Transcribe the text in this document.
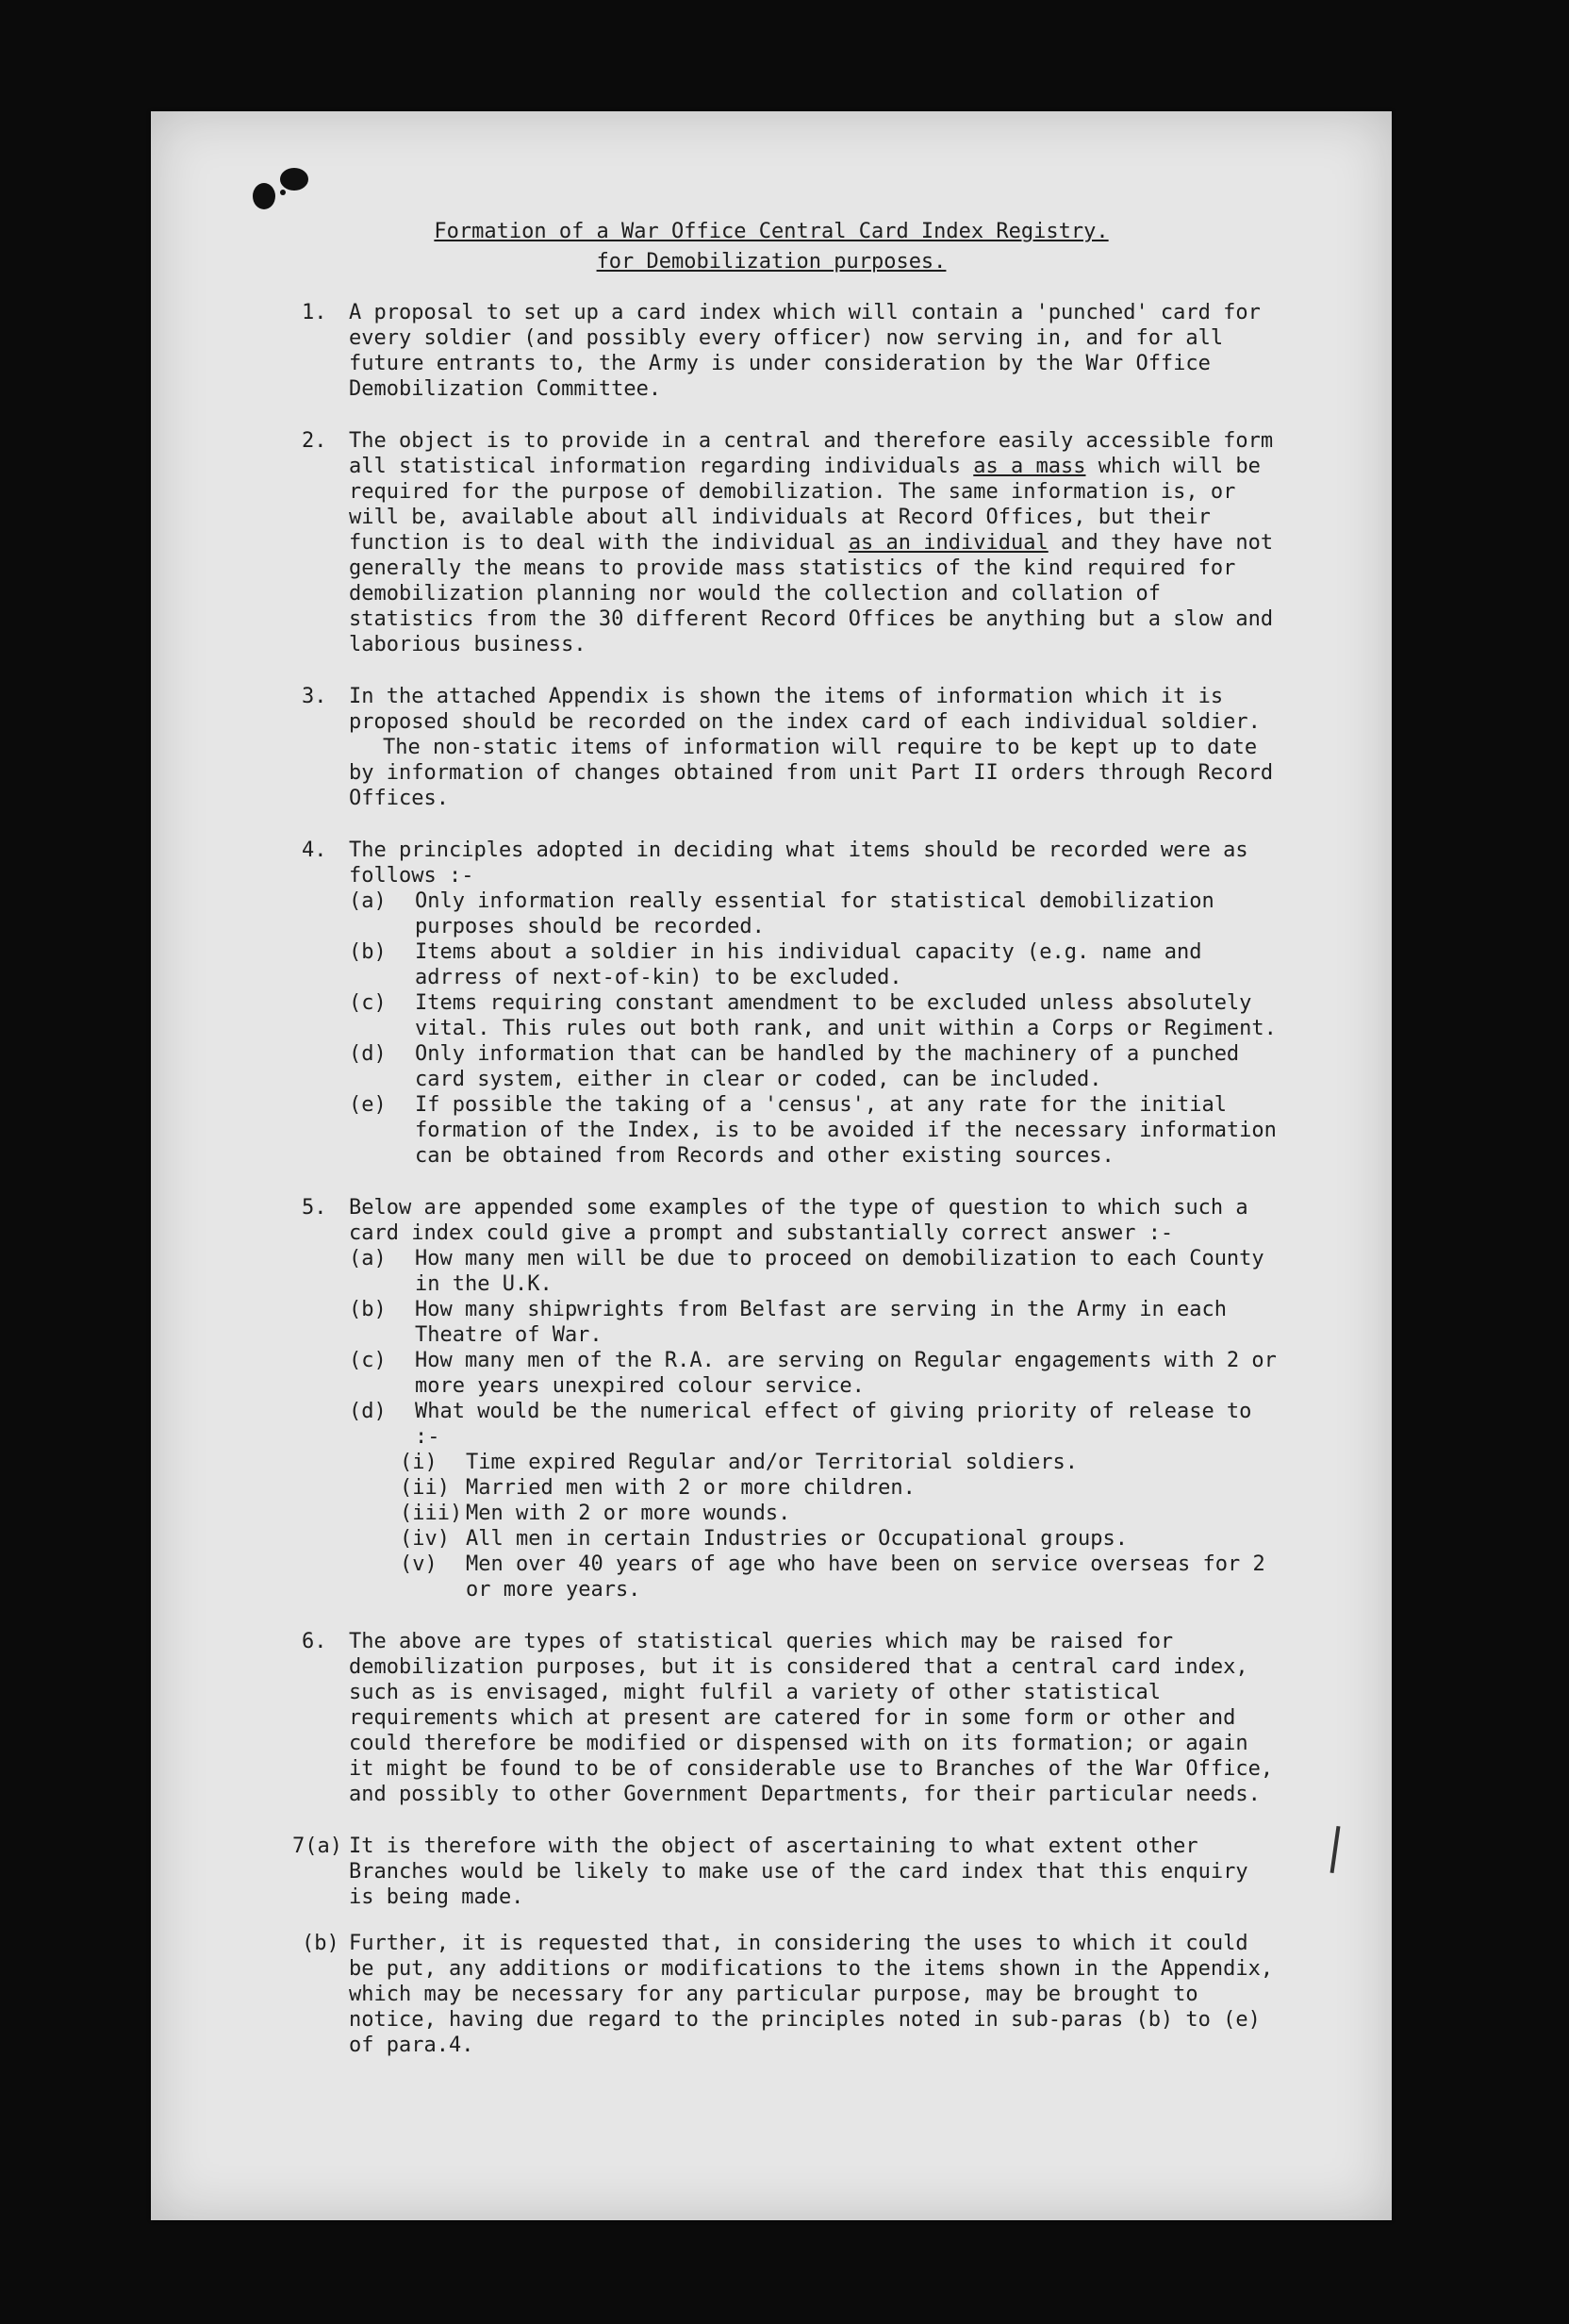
Formation of a War Office Central Card Index Registry.
for Demobilization purposes.
1. A proposal to set up a card index which will contain a 'punched' card for every soldier (and possibly every officer) now serving in, and for all future entrants to, the Army is under consideration by the War Office Demobilization Committee.

2. The object is to provide in a central and therefore easily accessible form all statistical information regarding individuals as a mass which will be required for the purpose of demobilization. The same information is, or will be, available about all individuals at Record Offices, but their function is to deal with the individual as an individual and they have not generally the means to provide mass statistics of the kind required for demobilization planning nor would the collection and collation of statistics from the 30 different Record Offices be anything but a slow and laborious business.

3. In the attached Appendix is shown the items of information which it is proposed should be recorded on the index card of each individual soldier.

The non-static items of information will require to be kept up to date by information of changes obtained from unit Part II orders through Record Offices.

4. The principles adopted in deciding what items should be recorded were as follows :-

(a) Only information really essential for statistical demobilization purposes should be recorded.
(b) Items about a soldier in his individual capacity (e.g. name and adrress of next-of-kin) to be excluded.
(c) Items requiring constant amendment to be excluded unless absolutely vital. This rules out both rank, and unit within a Corps or Regiment.
(d) Only information that can be handled by the machinery of a punched card system, either in clear or coded, can be included.
(e) If possible the taking of a 'census', at any rate for the initial formation of the Index, is to be avoided if the necessary information can be obtained from Records and other existing sources.
5. Below are appended some examples of the type of question to which such a card index could give a prompt and substantially correct answer :-

(a) How many men will be due to proceed on demobilization to each County in the U.K.
(b) How many shipwrights from Belfast are serving in the Army in each Theatre of War.
(c) How many men of the R.A. are serving on Regular engagements with 2 or more years unexpired colour service.
(d) What would be the numerical effect of giving priority of release to :-
(i) Time expired Regular and/or Territorial soldiers.
(ii) Married men with 2 or more children.
(iii) Men with 2 or more wounds.
(iv) All men in certain Industries or Occupational groups.
(v) Men over 40 years of age who have been on service overseas for 2 or more years.
6. The above are types of statistical queries which may be raised for demobilization purposes, but it is considered that a central card index, such as is envisaged, might fulfil a variety of other statistical requirements which at present are catered for in some form or other and could therefore be modified or dispensed with on its formation; or again it might be found to be of considerable use to Branches of the War Office, and possibly to other Government Departments, for their particular needs.

7(a) It is therefore with the object of ascertaining to what extent other Branches would be likely to make use of the card index that this enquiry is being made.

(b) Further, it is requested that, in considering the uses to which it could be put, any additions or modifications to the items shown in the Appendix, which may be necessary for any particular purpose, may be brought to notice, having due regard to the principles noted in sub-paras (b) to (e) of para.4.
